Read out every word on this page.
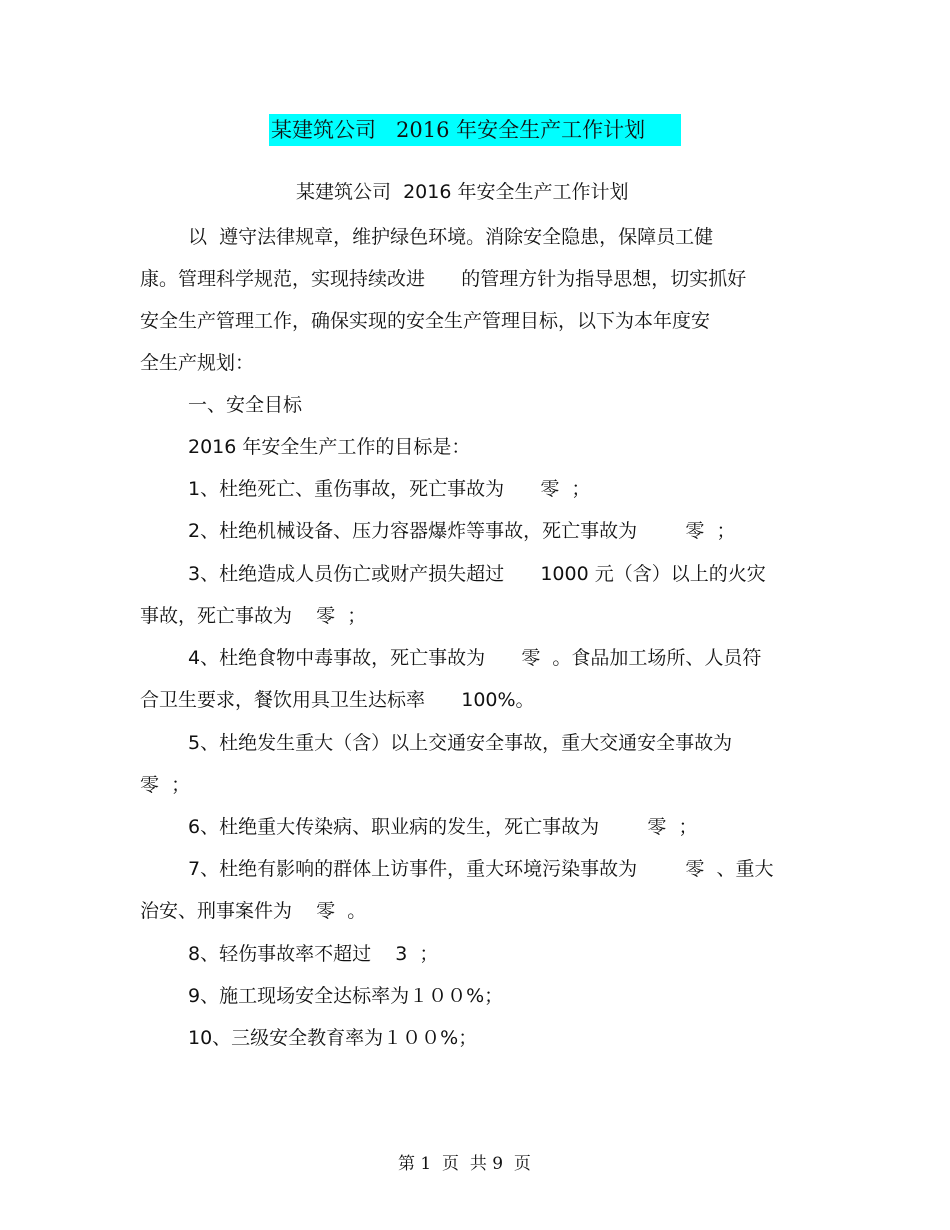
某建筑公司   2016 年安全生产工作计划
某建筑公司  2016 年安全生产工作计划
以  遵守法律规章，维护绿色环境。消除安全隐患，保障员工健
康。管理科学规范，实现持续改进      的管理方针为指导思想，切实抓好
安全生产管理工作，确保实现的安全生产管理目标，以下为本年度安
全生产规划：
一、安全目标
2016 年安全生产工作的目标是：
1、杜绝死亡、重伤事故，死亡事故为      零  ；
2、杜绝机械设备、压力容器爆炸等事故，死亡事故为        零  ；
3、杜绝造成人员伤亡或财产损失超过      1000 元（含）以上的火灾
事故，死亡事故为    零  ；
4、杜绝食物中毒事故，死亡事故为      零  。食品加工场所、人员符
合卫生要求，餐饮用具卫生达标率      100%。
5、杜绝发生重大（含）以上交通安全事故，重大交通安全事故为
零  ；
6、杜绝重大传染病、职业病的发生，死亡事故为        零  ；
7、杜绝有影响的群体上访事件，重大环境污染事故为        零  、重大
治安、刑事案件为    零  。
8、轻伤事故率不超过    3  ；
9、施工现场安全达标率为１００%；
10、三级安全教育率为１００%；
第 1  页  共 9  页
